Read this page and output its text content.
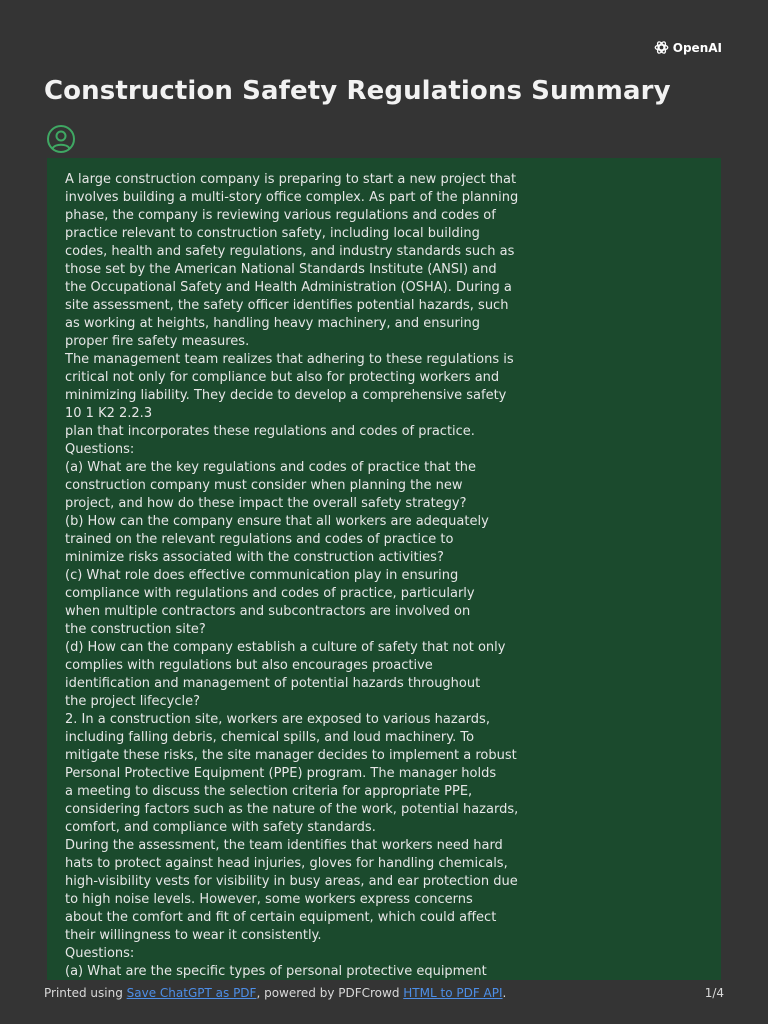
OpenAI
Construction Safety Regulations Summary
A large construction company is preparing to start a new project that
involves building a multi-story office complex. As part of the planning
phase, the company is reviewing various regulations and codes of
practice relevant to construction safety, including local building
codes, health and safety regulations, and industry standards such as
those set by the American National Standards Institute (ANSI) and
the Occupational Safety and Health Administration (OSHA). During a
site assessment, the safety officer identifies potential hazards, such
as working at heights, handling heavy machinery, and ensuring
proper fire safety measures.
The management team realizes that adhering to these regulations is
critical not only for compliance but also for protecting workers and
minimizing liability. They decide to develop a comprehensive safety
10 1 K2 2.2.3
plan that incorporates these regulations and codes of practice.
Questions:
(a) What are the key regulations and codes of practice that the
construction company must consider when planning the new
project, and how do these impact the overall safety strategy?
(b) How can the company ensure that all workers are adequately
trained on the relevant regulations and codes of practice to
minimize risks associated with the construction activities?
(c) What role does effective communication play in ensuring
compliance with regulations and codes of practice, particularly
when multiple contractors and subcontractors are involved on
the construction site?
(d) How can the company establish a culture of safety that not only
complies with regulations but also encourages proactive
identification and management of potential hazards throughout
the project lifecycle?
2. In a construction site, workers are exposed to various hazards,
including falling debris, chemical spills, and loud machinery. To
mitigate these risks, the site manager decides to implement a robust
Personal Protective Equipment (PPE) program. The manager holds
a meeting to discuss the selection criteria for appropriate PPE,
considering factors such as the nature of the work, potential hazards,
comfort, and compliance with safety standards.
During the assessment, the team identifies that workers need hard
hats to protect against head injuries, gloves for handling chemicals,
high-visibility vests for visibility in busy areas, and ear protection due
to high noise levels. However, some workers express concerns
about the comfort and fit of certain equipment, which could affect
their willingness to wear it consistently.
Questions:
(a) What are the specific types of personal protective equipment
Printed using Save ChatGPT as PDF, powered by PDFCrowd HTML to PDF API.	1/4
